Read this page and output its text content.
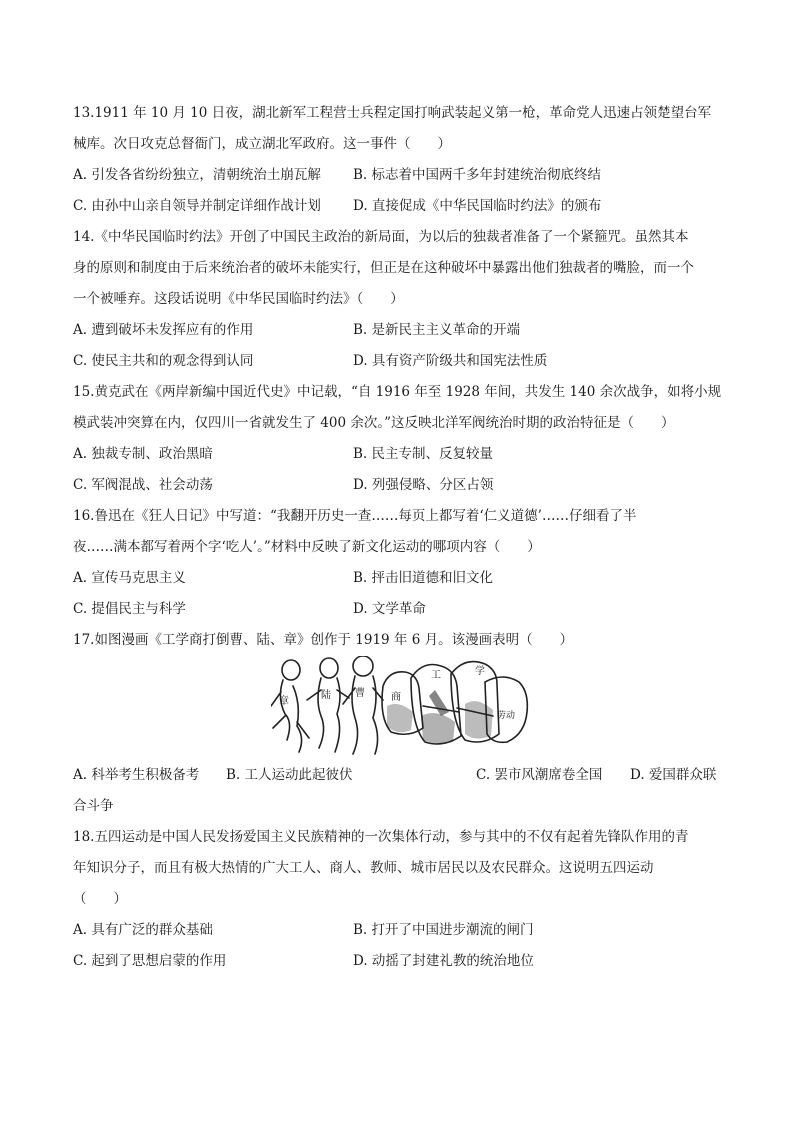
13.1911 年 10 月 10 日夜，湖北新军工程营士兵程定国打响武装起义第一枪，革命党人迅速占领楚望台军
械库。次日攻克总督衙门，成立湖北军政府。这一事件（　　）
A. 引发各省纷纷独立，清朝统治土崩瓦解 B. 标志着中国两千多年封建统治彻底终结
C. 由孙中山亲自领导并制定详细作战计划 D. 直接促成《中华民国临时约法》的颁布
14.《中华民国临时约法》开创了中国民主政治的新局面，为以后的独裁者准备了一个紧箍咒。虽然其本
身的原则和制度由于后来统治者的破坏未能实行，但正是在这种破坏中暴露出他们独裁者的嘴脸，而一个
一个被唾弃。这段话说明《中华民国临时约法》（　　）
A. 遭到破坏未发挥应有的作用	B. 是新民主主义革命的开端
C. 使民主共和的观念得到认同	D. 具有资产阶级共和国宪法性质
15.黄克武在《两岸新编中国近代史》中记载，“自 1916 年至 1928 年间，共发生 140 余次战争，如将小规
模武装冲突算在内，仅四川一省就发生了 400 余次。”这反映北洋军阀统治时期的政治特征是（　　）
A. 独裁专制、政治黑暗	B. 民主专制、反复较量
C. 军阀混战、社会动荡	D. 列强侵略、分区占领
16.鲁迅在《狂人日记》中写道：“我翻开历史一查……每页上都写着‘仁义道德’……仔细看了半
夜……满本都写着两个字‘吃人’。”材料中反映了新文化运动的哪项内容（　　）
A. 宣传马克思主义	B. 抨击旧道德和旧文化
C. 提倡民主与科学	D. 文学革命
17.如图漫画《工学商打倒曹、陆、章》创作于 1919 年 6 月。该漫画表明（　　）
章
陆 曹	商
工	学
劳动
A. 科举考生积极备考 B. 工人运动此起彼伏	C. 罢市风潮席卷全国 D. 爱国群众联
合斗争
18.五四运动是中国人民发扬爱国主义民族精神的一次集体行动，参与其中的不仅有起着先锋队作用的青
年知识分子，而且有极大热情的广大工人、商人、教师、城市居民以及农民群众。这说明五四运动
（　　）
A. 具有广泛的群众基础	B. 打开了中国进步潮流的闸门
C. 起到了思想启蒙的作用	D. 动摇了封建礼教的统治地位
